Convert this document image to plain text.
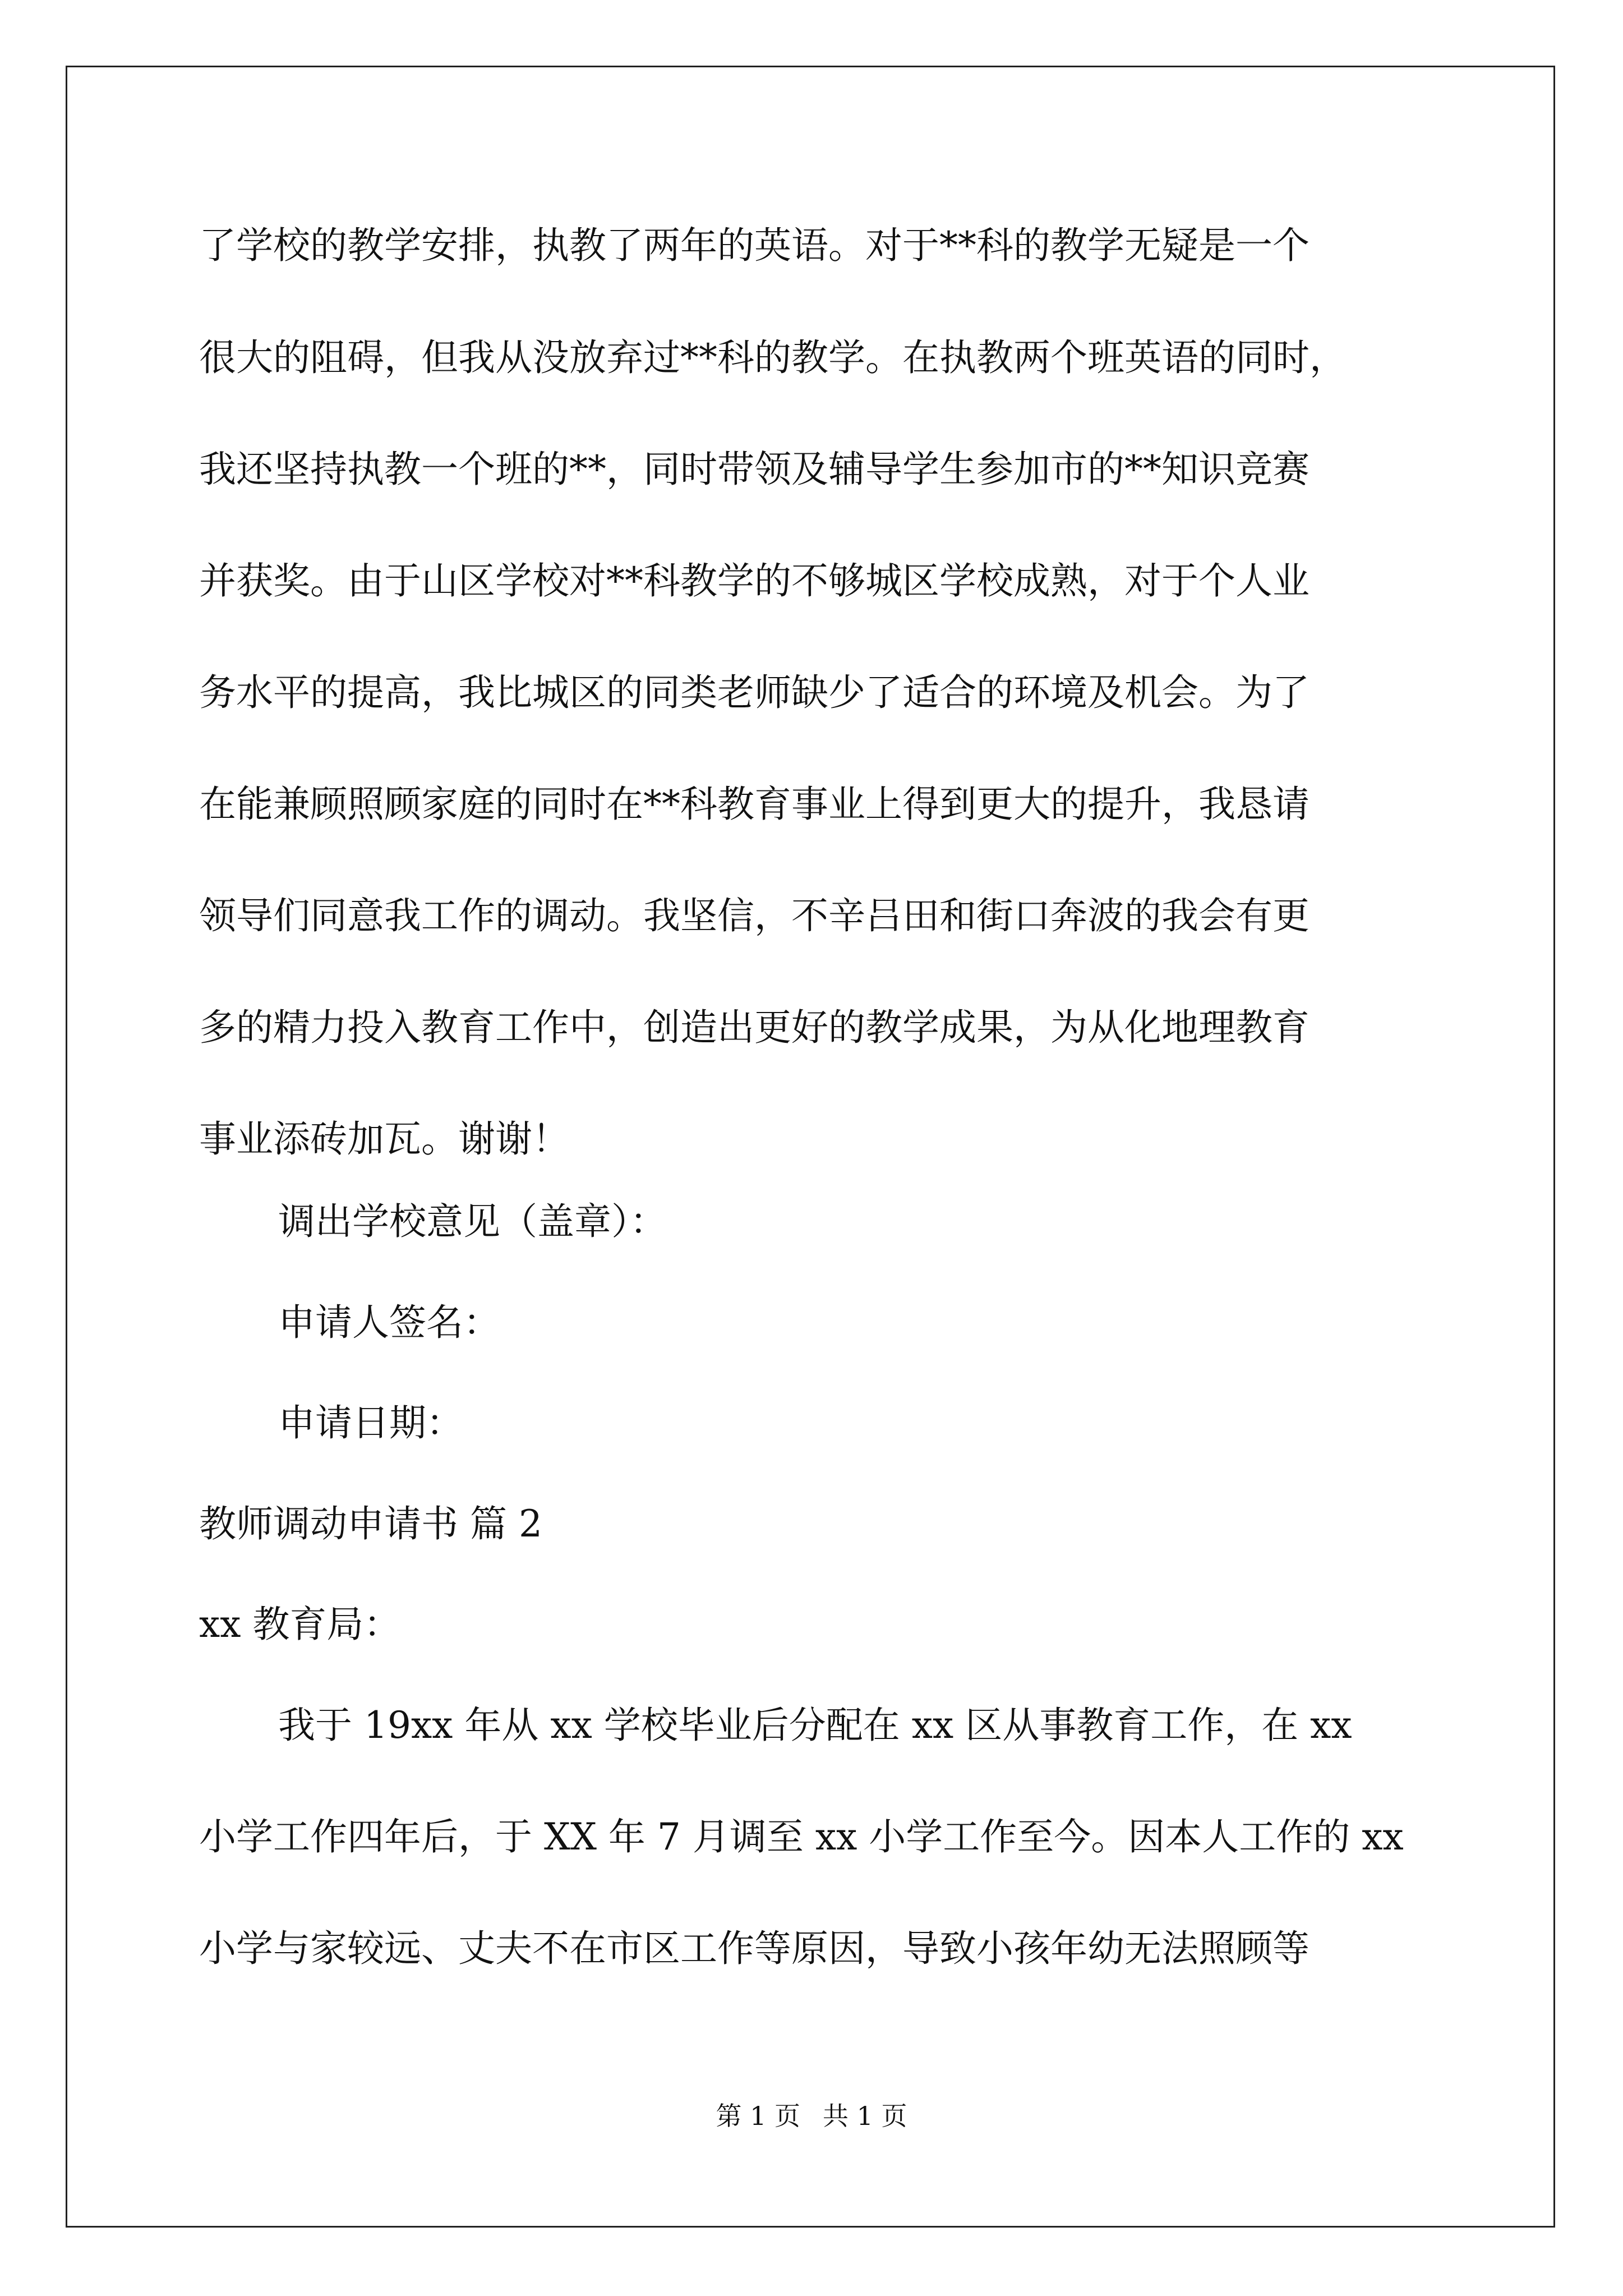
了学校的教学安排，执教了两年的英语。对于**科的教学无疑是一个
很大的阻碍，但我从没放弃过**科的教学。在执教两个班英语的同时，
我还坚持执教一个班的**，同时带领及辅导学生参加市的**知识竞赛
并获奖。由于山区学校对**科教学的不够城区学校成熟，对于个人业
务水平的提高，我比城区的同类老师缺少了适合的环境及机会。为了
在能兼顾照顾家庭的同时在**科教育事业上得到更大的提升，我恳请
领导们同意我工作的调动。我坚信，不辛吕田和街口奔波的我会有更
多的精力投入教育工作中，创造出更好的教学成果，为从化地理教育
事业添砖加瓦。谢谢！
调出学校意见（盖章）：
申请人签名：
申请日期：
教师调动申请书 篇 2
xx 教育局：
我于 19xx 年从 xx 学校毕业后分配在 xx 区从事教育工作，在 xx
小学工作四年后，于 XX 年 7 月调至 xx 小学工作至今。因本人工作的 xx
小学与家较远、丈夫不在市区工作等原因，导致小孩年幼无法照顾等
第 1 页 共 1 页
